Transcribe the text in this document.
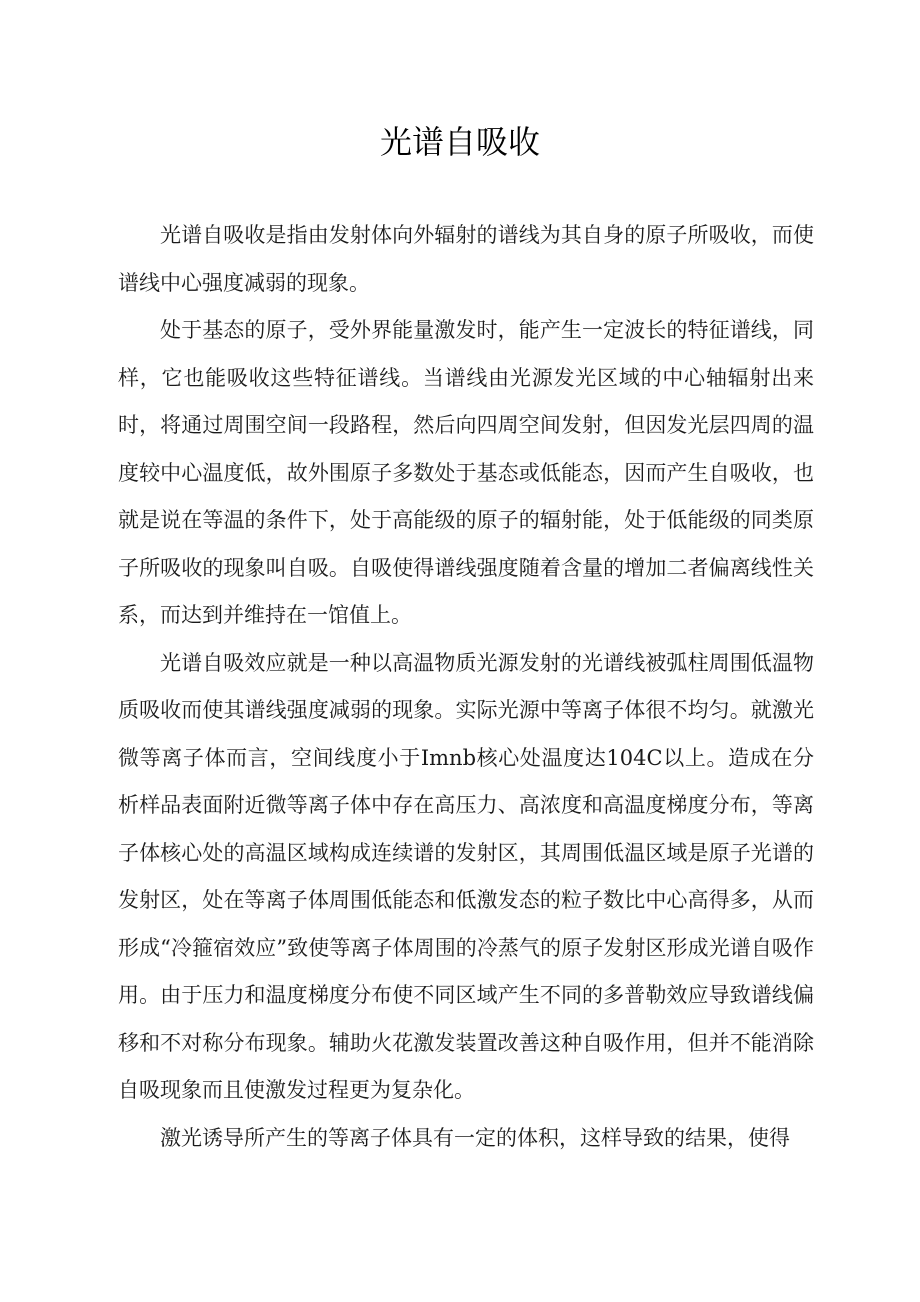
光谱自吸收

光谱自吸收是指由发射体向外辐射的谱线为其自身的原子所吸收，而使谱线中心强度减弱的现象。

处于基态的原子，受外界能量激发时，能产生一定波长的特征谱线，同样，它也能吸收这些特征谱线。当谱线由光源发光区域的中心轴辐射出来时，将通过周围空间一段路程，然后向四周空间发射，但因发光层四周的温度较中心温度低，故外围原子多数处于基态或低能态，因而产生自吸收，也就是说在等温的条件下，处于高能级的原子的辐射能，处于低能级的同类原子所吸收的现象叫自吸。自吸使得谱线强度随着含量的增加二者偏离线性关系，而达到并维持在一馆值上。

光谱自吸效应就是一种以高温物质光源发射的光谱线被弧柱周围低温物质吸收而使其谱线强度减弱的现象。实际光源中等离子体很不均匀。就激光微等离子体而言，空间线度小于Imnb核心处温度达104C以上。造成在分析样品表面附近微等离子体中存在高压力、高浓度和高温度梯度分布，等离子体核心处的高温区域构成连续谱的发射区，其周围低温区域是原子光谱的发射区，处在等离子体周围低能态和低激发态的粒子数比中心高得多，从而形成“冷箍宿效应”致使等离子体周围的冷蒸气的原子发射区形成光谱自吸作用。由于压力和温度梯度分布使不同区域产生不同的多普勒效应导致谱线偏移和不对称分布现象。辅助火花激发装置改善这种自吸作用，但并不能消除自吸现象而且使激发过程更为复杂化。

激光诱导所产生的等离子体具有一定的体积，这样导致的结果，使得
